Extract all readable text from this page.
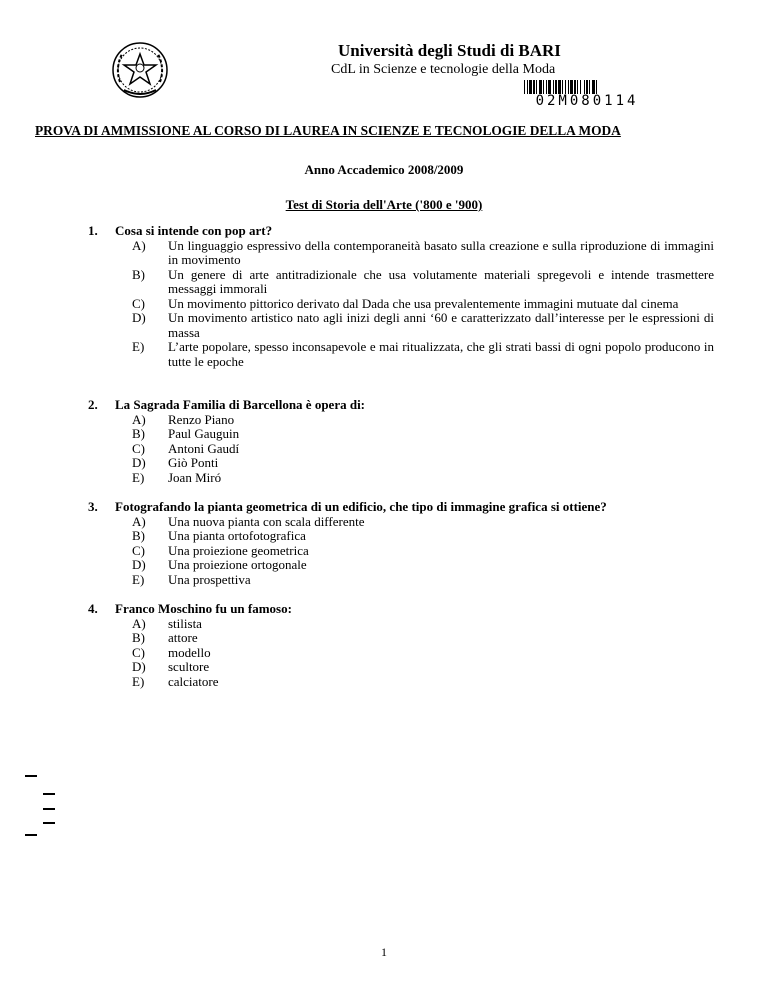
Università degli Studi di BARI
CdL in Scienze e tecnologie della Moda
02M080114
PROVA DI AMMISSIONE AL CORSO DI LAUREA IN SCIENZE E TECNOLOGIE DELLA MODA
Anno Accademico 2008/2009
Test di Storia dell'Arte ('800 e '900)
1. Cosa si intende con pop art?
A) Un linguaggio espressivo della contemporaneità basato sulla creazione e sulla riproduzione di immagini in movimento
B) Un genere di arte antitradizionale che usa volutamente materiali spregevoli e intende trasmettere messaggi immorali
C) Un movimento pittorico derivato dal Dada che usa prevalentemente immagini mutuate dal cinema
D) Un movimento artistico nato agli inizi degli anni ‘60 e caratterizzato dall’interesse per le espressioni di massa
E) L’arte popolare, spesso inconsapevole e mai ritualizzata, che gli strati bassi di ogni popolo producono in tutte le epoche
2. La Sagrada Familia di Barcellona è opera di:
A) Renzo Piano
B) Paul Gauguin
C) Antoni Gaudí
D) Giò Ponti
E) Joan Miró
3. Fotografando la pianta geometrica di un edificio, che tipo di immagine grafica si ottiene?
A) Una nuova pianta con scala differente
B) Una pianta ortofotografica
C) Una proiezione geometrica
D) Una proiezione ortogonale
E) Una prospettiva
4. Franco Moschino fu un famoso:
A) stilista
B) attore
C) modello
D) scultore
E) calciatore
1
